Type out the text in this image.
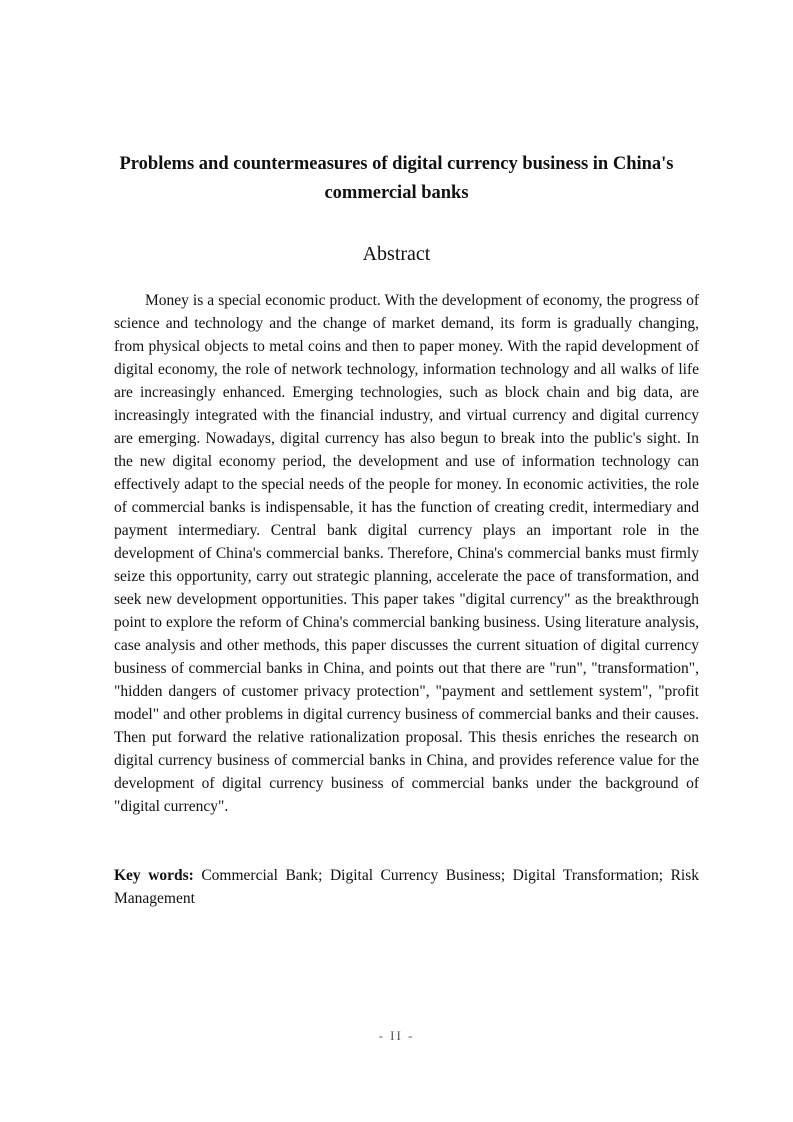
Problems and countermeasures of digital currency business in China's commercial banks
Abstract

Money is a special economic product. With the development of economy, the progress of science and technology and the change of market demand, its form is gradually changing, from physical objects to metal coins and then to paper money. With the rapid development of digital economy, the role of network technology, information technology and all walks of life are increasingly enhanced. Emerging technologies, such as block chain and big data, are increasingly integrated with the financial industry, and virtual currency and digital currency are emerging. Nowadays, digital currency has also begun to break into the public's sight. In the new digital economy period, the development and use of information technology can effectively adapt to the special needs of the people for money. In economic activities, the role of commercial banks is indispensable, it has the function of creating credit, intermediary and payment intermediary. Central bank digital currency plays an important role in the development of China's commercial banks. Therefore, China's commercial banks must firmly seize this opportunity, carry out strategic planning, accelerate the pace of transformation, and seek new development opportunities. This paper takes "digital currency" as the breakthrough point to explore the reform of China's commercial banking business. Using literature analysis, case analysis and other methods, this paper discusses the current situation of digital currency business of commercial banks in China, and points out that there are "run", "transformation", "hidden dangers of customer privacy protection", "payment and settlement system", "profit model" and other problems in digital currency business of commercial banks and their causes. Then put forward the relative rationalization proposal. This thesis enriches the research on digital currency business of commercial banks in China, and provides reference value for the development of digital currency business of commercial banks under the background of "digital currency".

Key words: Commercial Bank; Digital Currency Business; Digital Transformation; Risk Management

- II -
